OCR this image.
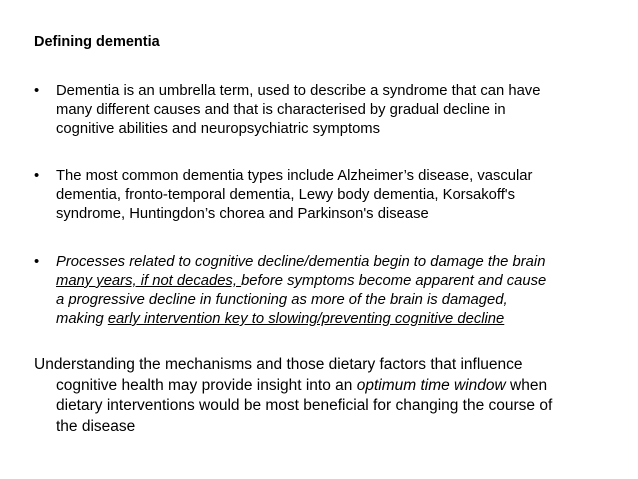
Defining dementia
•	Dementia is an umbrella term, used to describe a syndrome that can have
many different causes and that is characterised by gradual decline in
cognitive abilities and neuropsychiatric symptoms
•	The most common dementia types include Alzheimer’s disease, vascular
dementia, fronto-temporal dementia, Lewy body dementia, Korsakoff's
syndrome, Huntingdon’s chorea and Parkinson's disease
•	Processes related to cognitive decline/dementia begin to damage the brain
many years, if not decades, before symptoms become apparent and cause
a progressive decline in functioning as more of the brain is damaged,
making early intervention key to slowing/preventing cognitive decline
Understanding the mechanisms and those dietary factors that influence
cognitive health may provide insight into an optimum time window when
dietary interventions would be most beneficial for changing the course of
the disease
